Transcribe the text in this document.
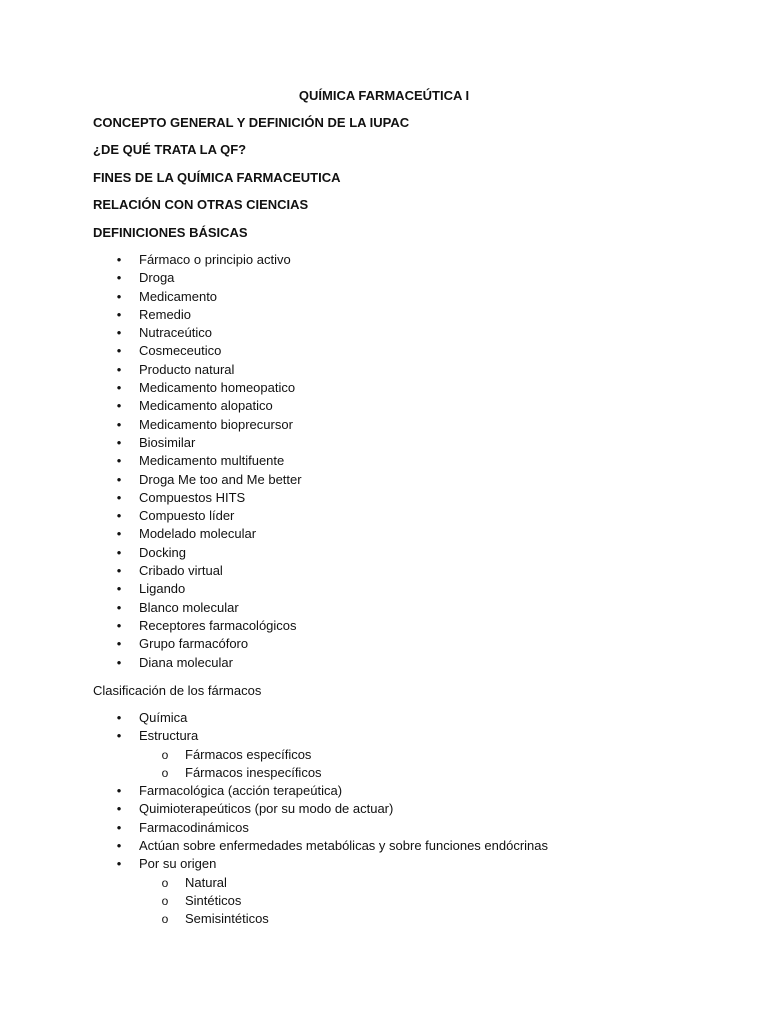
QUÍMICA FARMACEÚTICA I
CONCEPTO GENERAL Y DEFINICIÓN DE LA IUPAC
¿DE QUÉ TRATA LA QF?
FINES DE LA QUÍMICA FARMACEUTICA
RELACIÓN CON OTRAS CIENCIAS
DEFINICIONES BÁSICAS
•	Fármaco o principio activo
•	Droga
•	Medicamento
•	Remedio
•	Nutraceútico
•	Cosmeceutico
•	Producto natural
•	Medicamento homeopatico
•	Medicamento alopatico
•	Medicamento bioprecursor
•	Biosimilar
•	Medicamento multifuente
•	Droga Me too and Me better
•	Compuestos HITS
•	Compuesto líder
•	Modelado molecular
•	Docking
•	Cribado virtual
•	Ligando
•	Blanco molecular
•	Receptores farmacológicos
•	Grupo farmacóforo
•	Diana molecular
Clasificación de los fármacos
•	Química
•	Estructura
o Fármacos específicos
o Fármacos inespecíficos
•	Farmacológica (acción terapeútica)
•	Quimioterapeúticos (por su modo de actuar)
•	Farmacodinámicos
•	Actúan sobre enfermedades metabólicas y sobre funciones endócrinas
•	Por su origen
o Natural
o Sintéticos
o Semisintéticos
